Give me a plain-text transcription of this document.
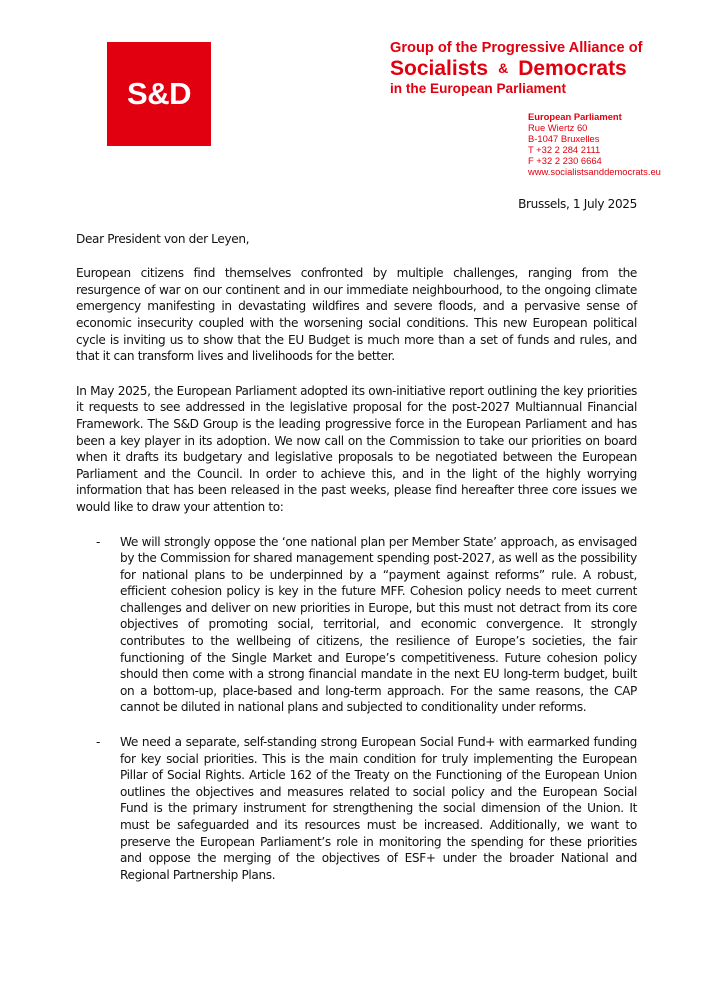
S&D
Group of the Progressive Alliance of
Socialists & Democrats
in the European Parliament
European Parliament
Rue Wiertz 60
B-1047 Bruxelles
T +32 2 284 2111
F +32 2 230 6664
www.socialistsanddemocrats.eu

Brussels, 1 July 2025

Dear President von der Leyen,

European citizens find themselves confronted by multiple challenges, ranging from the resurgence of war on our continent and in our immediate neighbourhood, to the ongoing climate emergency manifesting in devastating wildfires and severe floods, and a pervasive sense of economic insecurity coupled with the worsening social conditions. This new European political cycle is inviting us to show that the EU Budget is much more than a set of funds and rules, and that it can transform lives and livelihoods for the better.

In May 2025, the European Parliament adopted its own-initiative report outlining the key priorities it requests to see addressed in the legislative proposal for the post-2027 Multiannual Financial Framework. The S&D Group is the leading progressive force in the European Parliament and has been a key player in its adoption. We now call on the Commission to take our priorities on board when it drafts its budgetary and legislative proposals to be negotiated between the European Parliament and the Council. In order to achieve this, and in the light of the highly worrying information that has been released in the past weeks, please find hereafter three core issues we would like to draw your attention to:

- We will strongly oppose the ‘one national plan per Member State’ approach, as envisaged by the Commission for shared management spending post-2027, as well as the possibility for national plans to be underpinned by a “payment against reforms” rule. A robust, efficient cohesion policy is key in the future MFF. Cohesion policy needs to meet current challenges and deliver on new priorities in Europe, but this must not detract from its core objectives of promoting social, territorial, and economic convergence. It strongly contributes to the wellbeing of citizens, the resilience of Europe’s societies, the fair functioning of the Single Market and Europe’s competitiveness. Future cohesion policy should then come with a strong financial mandate in the next EU long-term budget, built on a bottom-up, place-based and long-term approach. For the same reasons, the CAP cannot be diluted in national plans and subjected to conditionality under reforms.
- We need a separate, self-standing strong European Social Fund+ with earmarked funding for key social priorities. This is the main condition for truly implementing the European Pillar of Social Rights. Article 162 of the Treaty on the Functioning of the European Union outlines the objectives and measures related to social policy and the European Social Fund is the primary instrument for strengthening the social dimension of the Union. It must be safeguarded and its resources must be increased. Additionally, we want to preserve the European Parliament’s role in monitoring the spending for these priorities and oppose the merging of the objectives of ESF+ under the broader National and Regional Partnership Plans.
